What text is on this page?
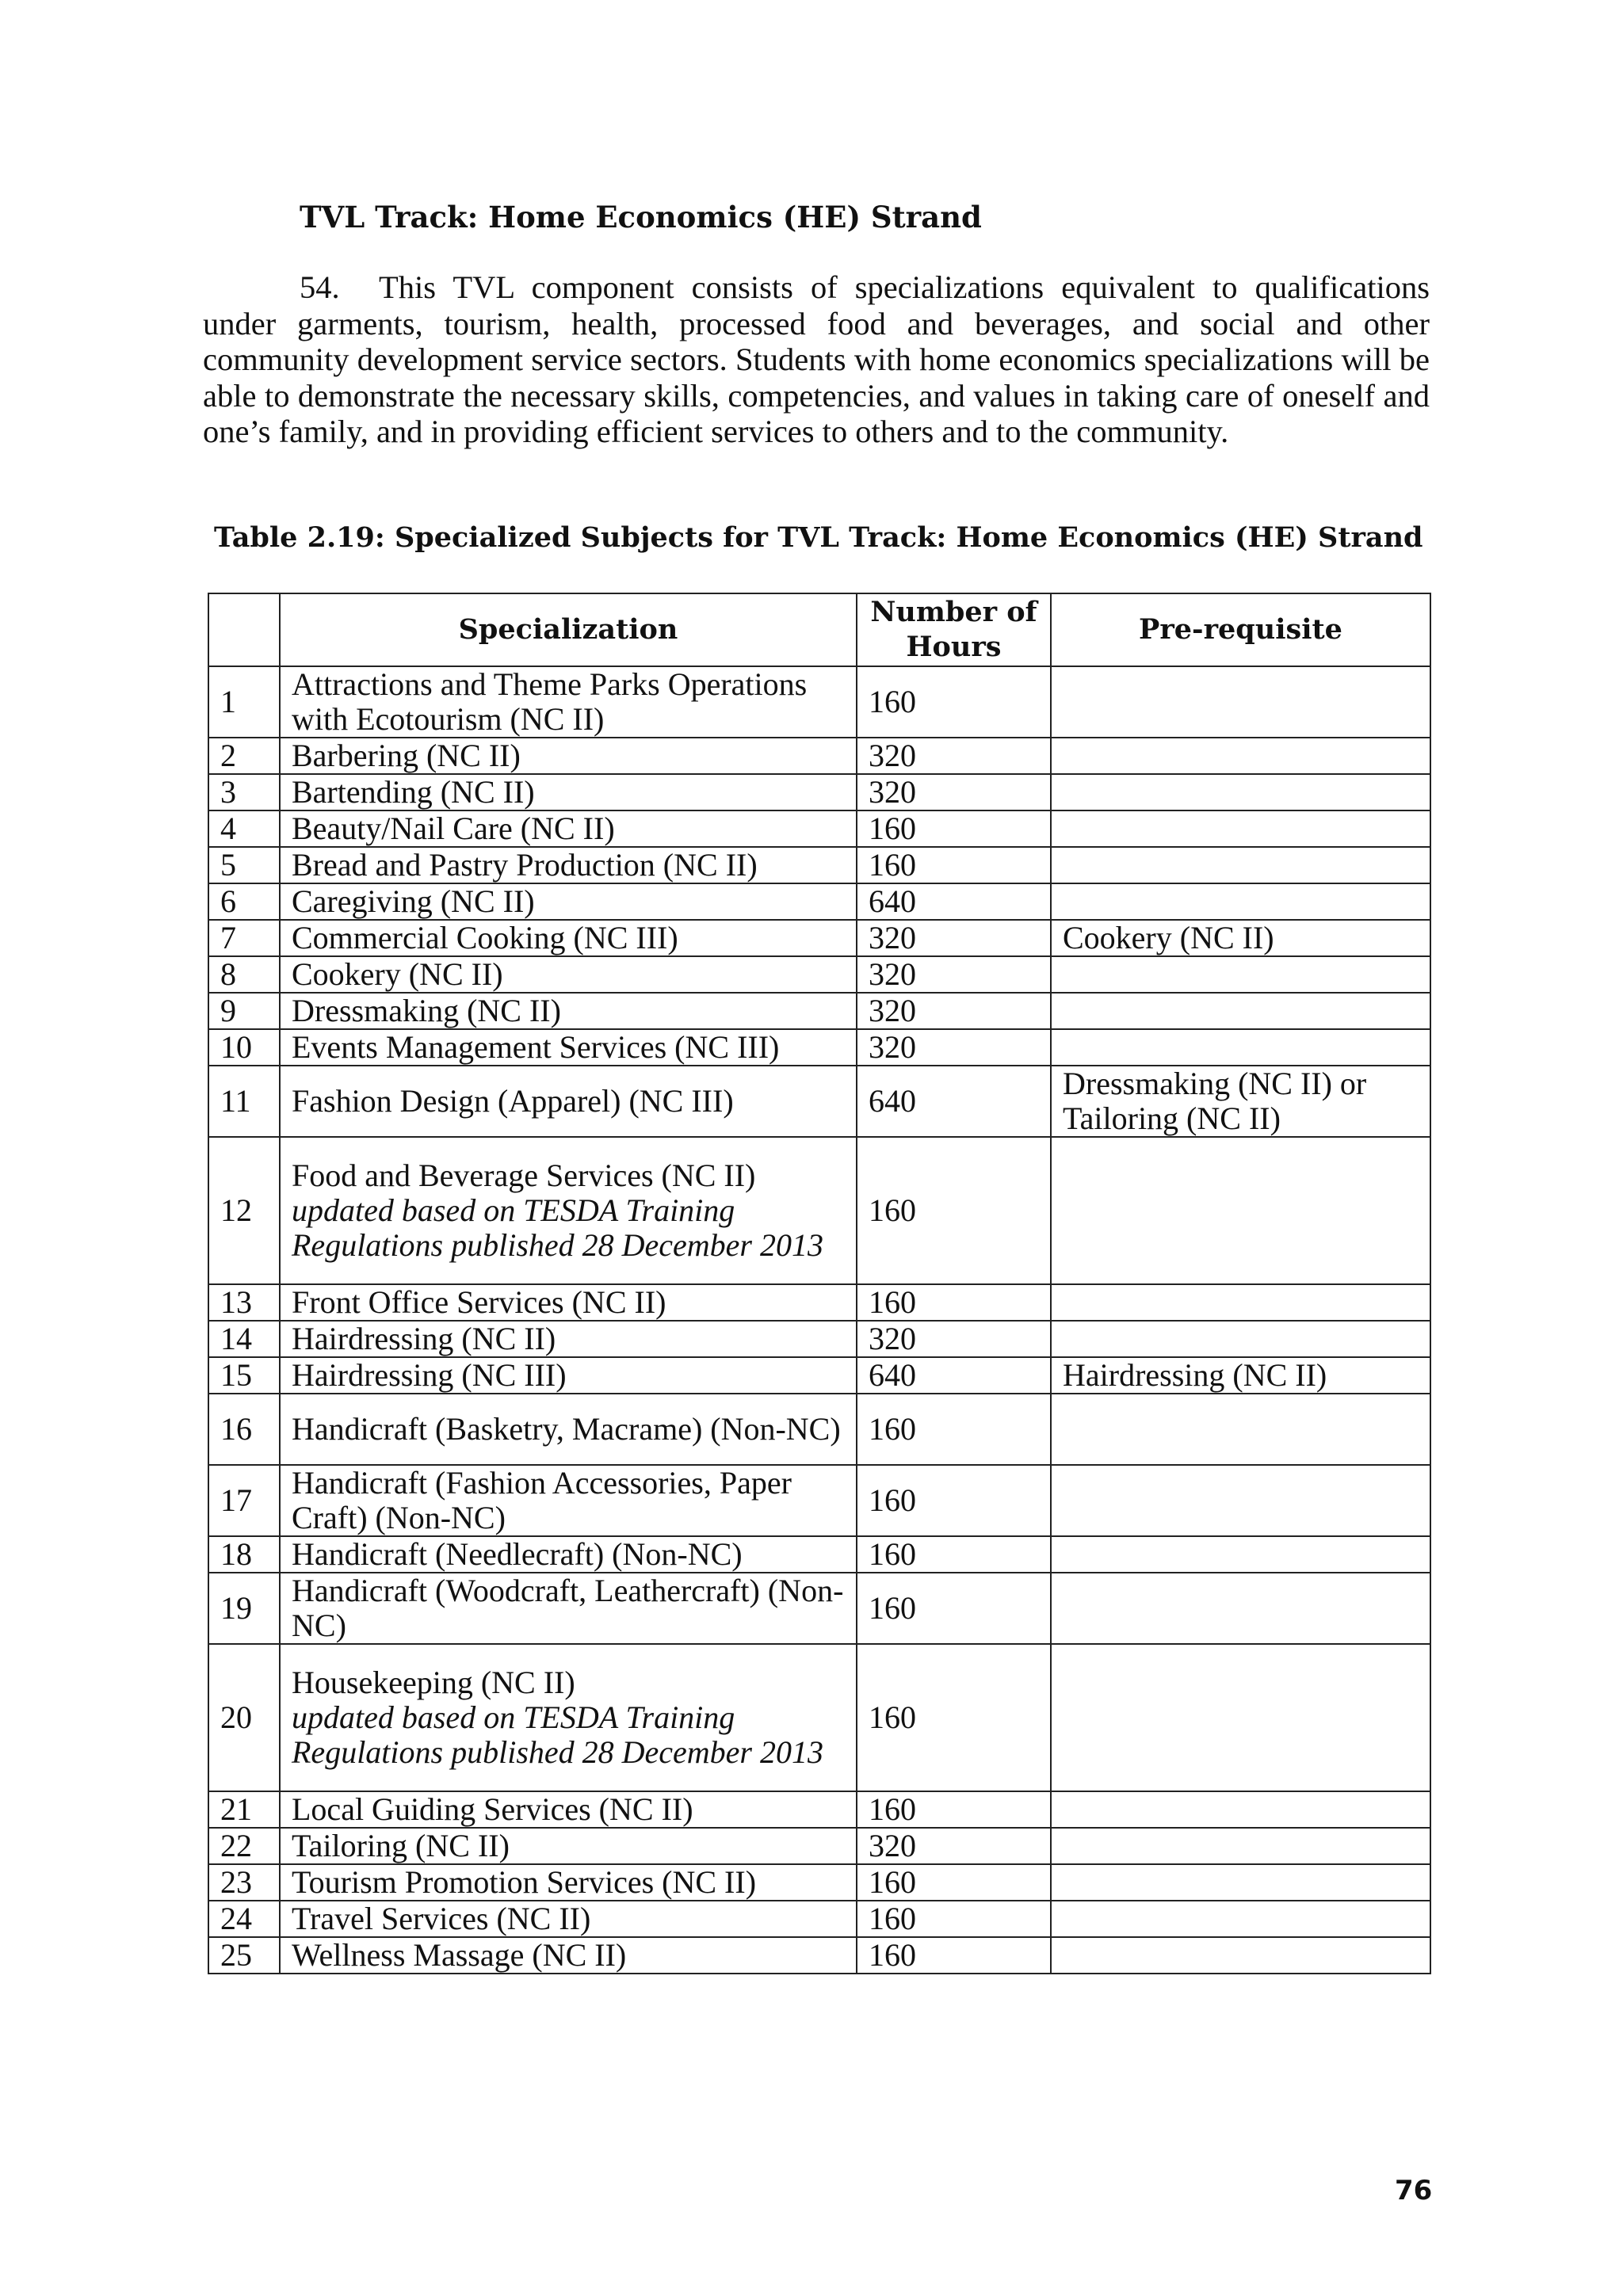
TVL Track: Home Economics (HE) Strand

54. This TVL component consists of specializations equivalent to qualifications under garments, tourism, health, processed food and beverages, and social and other community development service sectors. Students with home economics specializations will be able to demonstrate the necessary skills, competencies, and values in taking care of oneself and one’s family, and in providing efficient services to others and to the community.

Table 2.19: Specialized Subjects for TVL Track: Home Economics (HE) Strand
	Specialization	Number of Hours	Pre-requisite
1	Attractions and Theme Parks Operations with Ecotourism (NC II)	160	
2	Barbering (NC II)	320	
3	Bartending (NC II)	320	
4	Beauty/Nail Care (NC II)	160	
5	Bread and Pastry Production (NC II)	160	
6	Caregiving (NC II)	640	
7	Commercial Cooking (NC III)	320	Cookery (NC II)
8	Cookery (NC II)	320	
9	Dressmaking (NC II)	320	
10	Events Management Services (NC III)	320	
11	Fashion Design (Apparel) (NC III)	640	Dressmaking (NC II) or Tailoring (NC II)
12	Food and Beverage Services (NC II)
updated based on TESDA Training Regulations published 28 December 2013	160	
13	Front Office Services (NC II)	160	
14	Hairdressing (NC II)	320	
15	Hairdressing (NC III)	640	Hairdressing (NC II)
16	Handicraft (Basketry, Macrame) (Non-NC)	160	
17	Handicraft (Fashion Accessories, Paper Craft) (Non-NC)	160	
18	Handicraft (Needlecraft) (Non-NC)	160	
19	Handicraft (Woodcraft, Leathercraft) (Non-NC)	160	
20	Housekeeping (NC II)
updated based on TESDA Training Regulations published 28 December 2013	160	
21	Local Guiding Services (NC II)	160	
22	Tailoring (NC II)	320	
23	Tourism Promotion Services (NC II)	160	
24	Travel Services (NC II)	160	
25	Wellness Massage (NC II)	160	
76
